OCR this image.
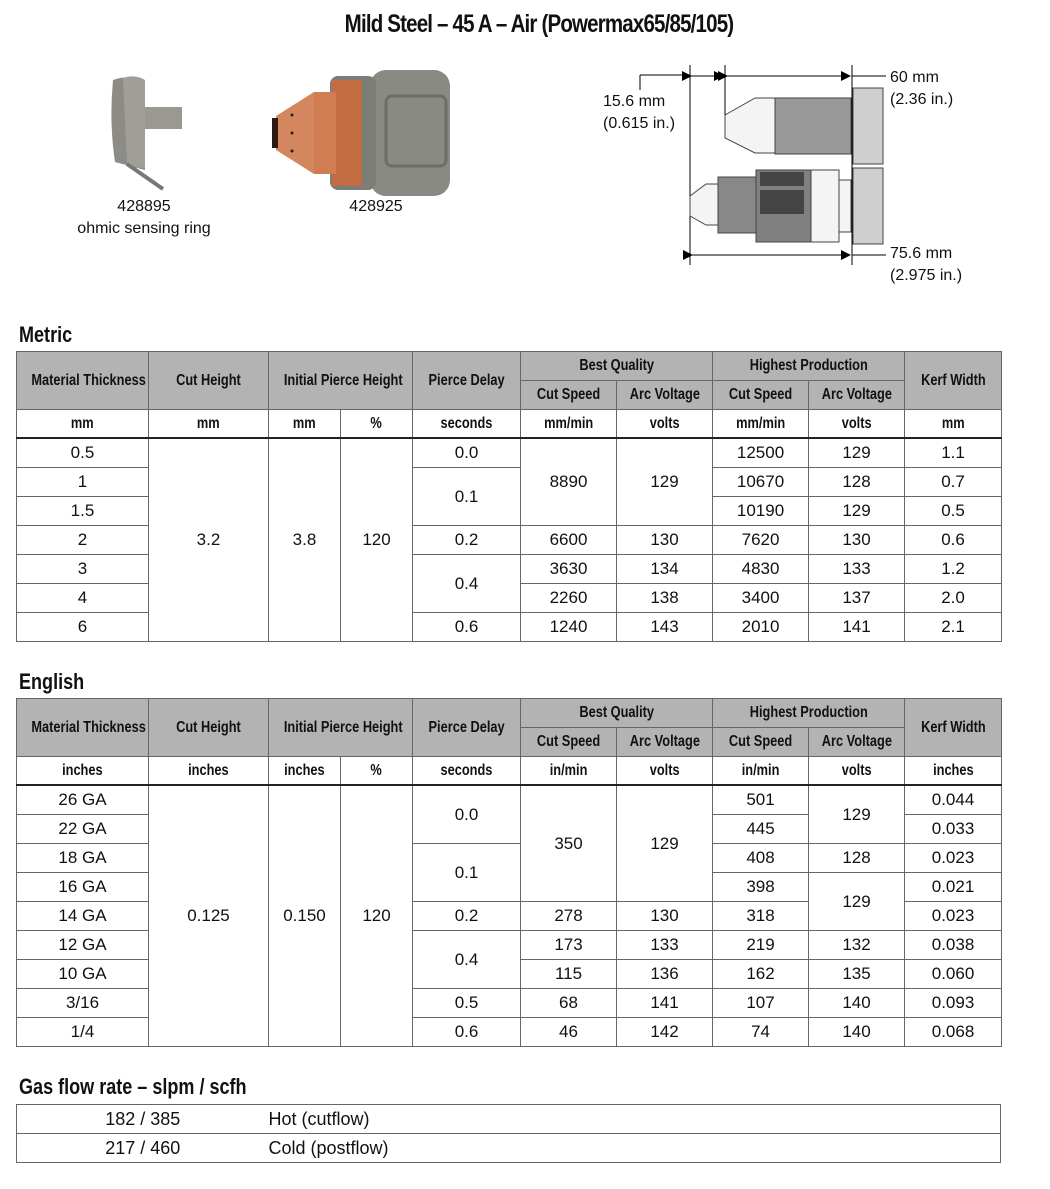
Mild Steel – 45 A – Air (Powermax65/85/105)
428895
ohmic sensing ring
428925
15.6 mm
(0.615 in.)
60 mm
(2.36 in.)
75.6 mm
(2.975 in.)
Metric
Material Thickness	Cut Height	Initial Pierce Height		Pierce Delay	Best Quality		Highest Production		Kerf Width
					Cut Speed	Arc Voltage	Cut Speed	Arc Voltage	
mm	mm	mm	%	seconds	mm/min	volts	mm/min	volts	mm
0.5	3.2	3.8	120	0.0	8890	129	12500	129	1.1
1				0.1			10670	128	0.7
1.5							10190	129	0.5
2				0.2	6600	130	7620	130	0.6
3				0.4	3630	134	4830	133	1.2
4					2260	138	3400	137	2.0
6				0.6	1240	143	2010	141	2.1
English
Material Thickness	Cut Height	Initial Pierce Height		Pierce Delay	Best Quality		Highest Production		Kerf Width
					Cut Speed	Arc Voltage	Cut Speed	Arc Voltage	
inches	inches	inches	%	seconds	in/min	volts	in/min	volts	inches
26 GA	0.125	0.150	120	0.0	350	129	501	129	0.044
22 GA							445		0.033
18 GA				0.1			408	128	0.023
16 GA							398	129	0.021
14 GA				0.2	278	130	318		0.023
12 GA				0.4	173	133	219	132	0.038
10 GA					115	136	162	135	0.060
3/16				0.5	68	141	107	140	0.093
1/4				0.6	46	142	74	140	0.068
Gas flow rate – slpm / scfh
182 / 385	Hot (cutflow)
217 / 460	Cold (postflow)
